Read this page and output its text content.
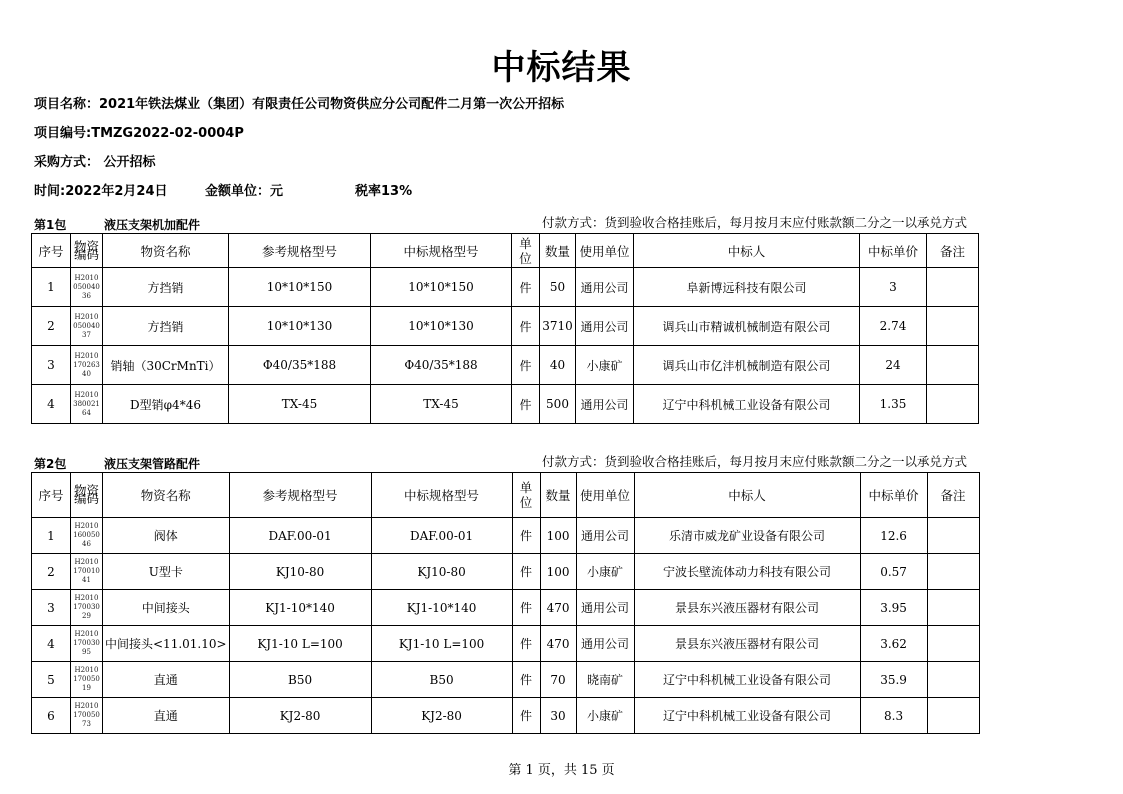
中标结果
项目名称：2021年铁法煤业（集团）有限责任公司物资供应分公司配件二月第一次公开招标
项目编号:TMZG2022-02-0004P
采购方式： 公开招标
时间:2022年2月24日	金额单位：元	税率13%
第1包	液压支架机加配件	付款方式：货到验收合格挂账后，每月按月末应付账款额二分之一以承兑方式
序号	物资编码	物资名称	参考规格型号	中标规格型号	单位	数量	使用单位	中标人	中标单价	备注
1	H201005004036	方挡销	10*10*150	10*10*150	件	50	通用公司	阜新博远科技有限公司	3	
2	H201005004037	方挡销	10*10*130	10*10*130	件	3710	通用公司	调兵山市精诚机械制造有限公司	2.74	
3	H201017026340	销轴（30CrMnTi）	Φ40/35*188	Φ40/35*188	件	40	小康矿	调兵山市亿沣机械制造有限公司	24	
4	H201038002164	D型销φ4*46	TX-45	TX-45	件	500	通用公司	辽宁中科机械工业设备有限公司	1.35	
第2包	液压支架管路配件	付款方式：货到验收合格挂账后，每月按月末应付账款额二分之一以承兑方式
序号	物资编码	物资名称	参考规格型号	中标规格型号	单位	数量	使用单位	中标人	中标单价	备注
1	H201016005046	阀体	DAF.00-01	DAF.00-01	件	100	通用公司	乐清市威龙矿业设备有限公司	12.6	
2	H201017001041	U型卡	KJ10-80	KJ10-80	件	100	小康矿	宁波长壁流体动力科技有限公司	0.57	
3	H201017003029	中间接头	KJ1-10*140	KJ1-10*140	件	470	通用公司	景县东兴液压器材有限公司	3.95	
4	H201017003095	中间接头<11.01.10>	KJ1-10 L=100	KJ1-10 L=100	件	470	通用公司	景县东兴液压器材有限公司	3.62	
5	H201017005019	直通	B50	B50	件	70	晓南矿	辽宁中科机械工业设备有限公司	35.9	
6	H201017005073	直通	KJ2-80	KJ2-80	件	30	小康矿	辽宁中科机械工业设备有限公司	8.3	
第 1 页，共 15 页
